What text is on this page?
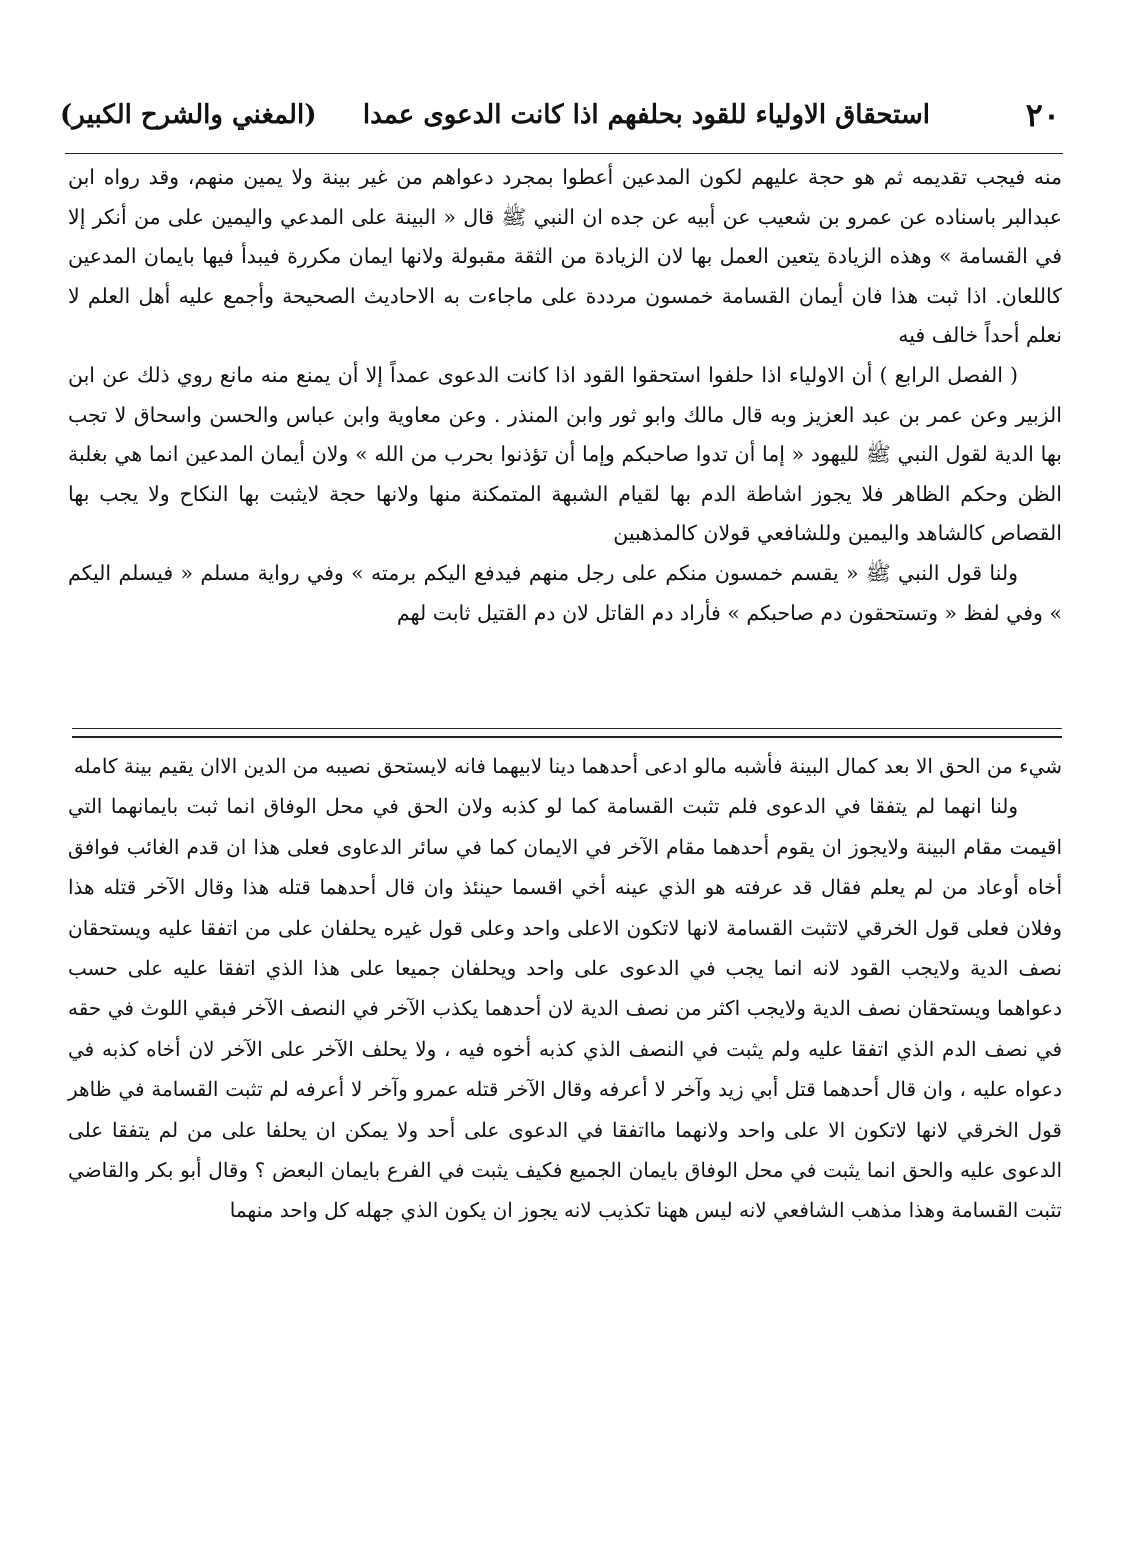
٢٠
استحقاق الاولياء للقود بحلفهم اذا كانت الدعوى عمدا
(المغني والشرح الكبير)

منه فيجب تقديمه ثم هو حجة عليهم لكون المدعين أعطوا بمجرد دعواهم من غير بينة ولا يمين منهم، وقد رواه ابن عبدالبر باسناده عن عمرو بن شعيب عن أبيه عن جده ان النبي ﷺ قال « البينة على المدعي واليمين على من أنكر إلا في القسامة » وهذه الزيادة يتعين العمل بها لان الزيادة من الثقة مقبولة ولانها ايمان مكررة فيبدأ فيها بايمان المدعين كاللعان. اذا ثبت هذا فان أيمان القسامة خمسون مرددة على ماجاءت به الاحاديث الصحيحة وأجمع عليه أهل العلم لا نعلم أحداً خالف فيه

( الفصل الرابع ) أن الاولياء اذا حلفوا استحقوا القود اذا كانت الدعوى عمداً إلا أن يمنع منه مانع روي ذلك عن ابن الزبير وعن عمر بن عبد العزيز وبه قال مالك وابو ثور وابن المنذر . وعن معاوية وابن عباس والحسن واسحاق لا تجب بها الدية لقول النبي ﷺ لليهود « إما أن تدوا صاحبكم وإما أن تؤذنوا بحرب من الله » ولان أيمان المدعين انما هي بغلبة الظن وحكم الظاهر فلا يجوز اشاطة الدم بها لقيام الشبهة المتمكنة منها ولانها حجة لايثبت بها النكاح ولا يجب بها القصاص كالشاهد واليمين وللشافعي قولان كالمذهبين

ولنا قول النبي ﷺ « يقسم خمسون منكم على رجل منهم فيدفع اليكم برمته » وفي رواية مسلم « فيسلم اليكم » وفي لفظ « وتستحقون دم صاحبكم » فأراد دم القاتل لان دم القتيل ثابت لهم

شيء من الحق الا بعد كمال البينة فأشبه مالو ادعى أحدهما دينا لابيهما فانه لايستحق نصيبه من الدين الاان يقيم بينة كامله

ولنا انهما لم يتفقا في الدعوى فلم تثبت القسامة كما لو كذبه ولان الحق في محل الوفاق انما ثبت بايمانهما التي اقيمت مقام البينة ولايجوز ان يقوم أحدهما مقام الآخر في الايمان كما في سائر الدعاوى فعلى هذا ان قدم الغائب فوافق أخاه أوعاد من لم يعلم فقال قد عرفته هو الذي عينه أخي اقسما حينئذ وان قال أحدهما قتله هذا وقال الآخر قتله هذا وفلان فعلى قول الخرقي لاتثبت القسامة لانها لاتكون الاعلى واحد وعلى قول غيره يحلفان على من اتفقا عليه ويستحقان نصف الدية ولايجب القود لانه انما يجب في الدعوى على واحد ويحلفان جميعا على هذا الذي اتفقا عليه على حسب دعواهما ويستحقان نصف الدية ولايجب اكثر من نصف الدية لان أحدهما يكذب الآخر في النصف الآخر فبقي اللوث في حقه في نصف الدم الذي اتفقا عليه ولم يثبت في النصف الذي كذبه أخوه فيه ، ولا يحلف الآخر على الآخر لان أخاه كذبه في دعواه عليه ، وان قال أحدهما قتل أبي زيد وآخر لا أعرفه وقال الآخر قتله عمرو وآخر لا أعرفه لم تثبت القسامة في ظاهر قول الخرقي لانها لاتكون الا على واحد ولانهما مااتفقا في الدعوى على أحد ولا يمكن ان يحلفا على من لم يتفقا على الدعوى عليه والحق انما يثبت في محل الوفاق بايمان الجميع فكيف يثبت في الفرع بايمان البعض ؟ وقال أبو بكر والقاضي تثبت القسامة وهذا مذهب الشافعي لانه ليس ههنا تكذيب لانه يجوز ان يكون الذي جهله كل واحد منهما
